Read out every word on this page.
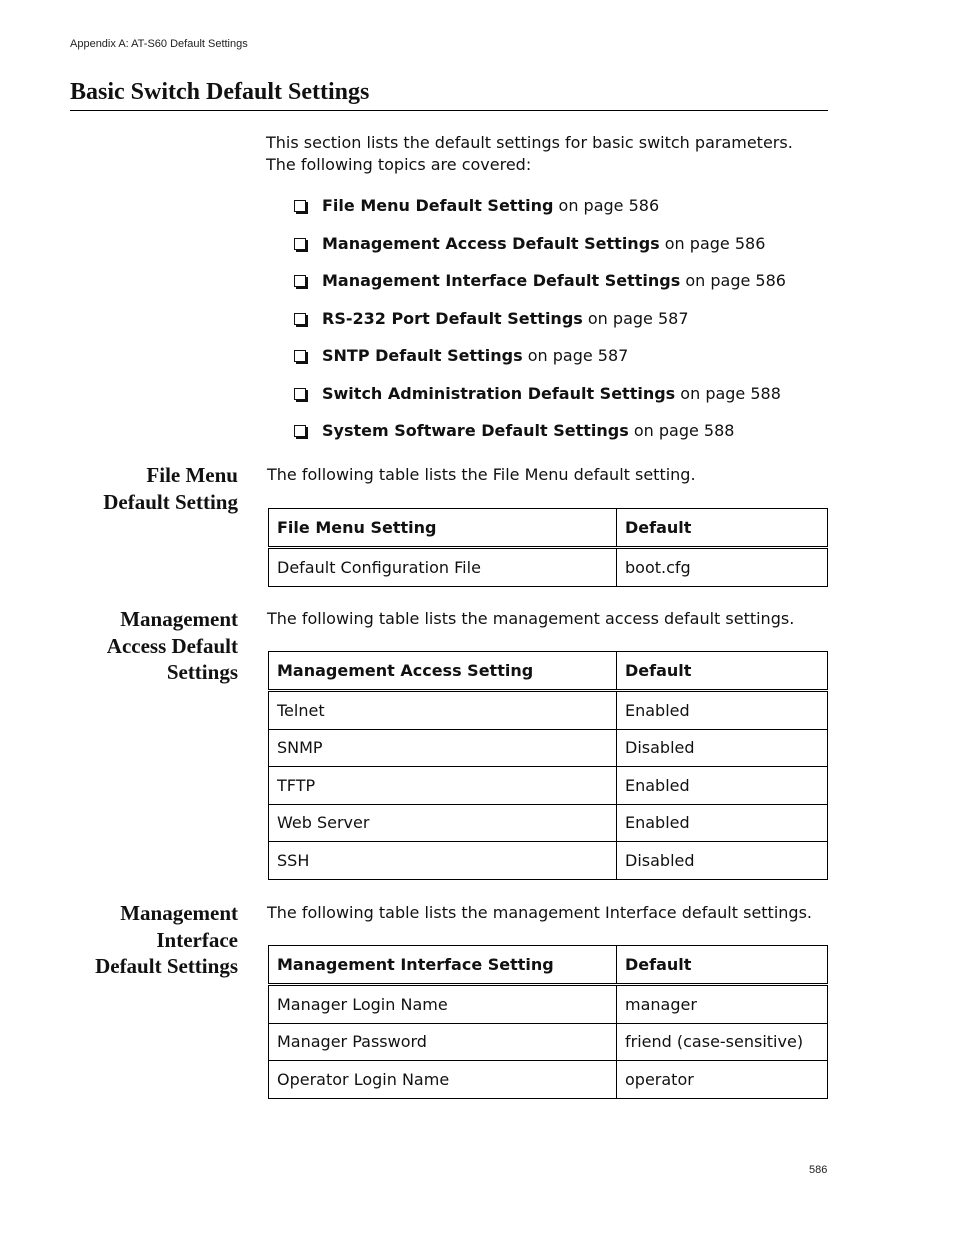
Appendix A: AT-S60 Default Settings
Basic Switch Default Settings

This section lists the default settings for basic switch parameters. The following topics are covered:

File Menu Default Setting on page 586
Management Access Default Settings on page 586
Management Interface Default Settings on page 586
RS-232 Port Default Settings on page 587
SNTP Default Settings on page 587
Switch Administration Default Settings on page 588
System Software Default Settings on page 588
File Menu
Default Setting

The following table lists the File Menu default setting.

File Menu Setting	Default
Default Configuration File	boot.cfg
Management
Access Default
Settings

The following table lists the management access default settings.

Management Access Setting	Default
Telnet	Enabled
SNMP	Disabled
TFTP	Enabled
Web Server	Enabled
SSH	Disabled
Management
Interface
Default Settings

The following table lists the management Interface default settings.

Management Interface Setting	Default
Manager Login Name	manager
Manager Password	friend (case-sensitive)
Operator Login Name	operator
586
